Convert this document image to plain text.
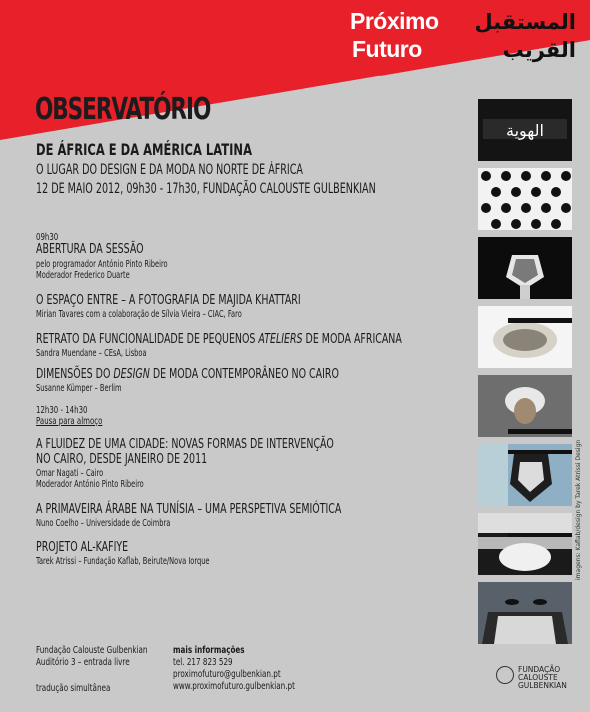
Próximo
Futuro
المستقبل
القريب
OBSERVATÓRIO
DE ÁFRICA E DA AMÉRICA LATINA
O LUGAR DO DESIGN E DA MODA NO NORTE DE ÁFRICA
12 DE MAIO 2012, 09h30 - 17h30, FUNDAÇÃO CALOUSTE GULBENKIAN
09h30
ABERTURA DA SESSÃO
pelo programador António Pinto Ribeiro
Moderador Frederico Duarte
O ESPAÇO ENTRE – A FOTOGRAFIA DE MAJIDA KHATTARI
Mirian Tavares com a colaboração de Sílvia Vieira – CIAC, Faro
RETRATO DA FUNCIONALIDADE DE PEQUENOS ATELIERS DE MODA AFRICANA
Sandra Muendane – CEsA, Lisboa
DIMENSÕES DO DESIGN DE MODA CONTEMPORÂNEO NO CAIRO
Susanne Kümper – Berlim
12h30 - 14h30
Pausa para almoço
A FLUIDEZ DE UMA CIDADE: NOVAS FORMAS DE INTERVENÇÃO
NO CAIRO, DESDE JANEIRO DE 2011
Omar Nagati – Cairo
Moderador António Pinto Ribeiro
A PRIMAVEIRA ÁRABE NA TUNÍSIA – UMA PERSPETIVA SEMIÓTICA
Nuno Coelho – Universidade de Coimbra
PROJETO AL-KAFIYE
Tarek Atrissi – Fundação Kaflab, Beirute/Nova Iorque
Fundação Calouste Gulbenkian
Auditório 3 – entrada livre
tradução simultânea
mais informações
tel. 217 823 529
proximofuturo@gulbenkian.pt
www.proximofuturo.gulbenkian.pt
الهوية
imagens: Kaflab/design by Tarek Atrissi Design
FUNDAÇÃO
CALOUSTE
GULBENKIAN
